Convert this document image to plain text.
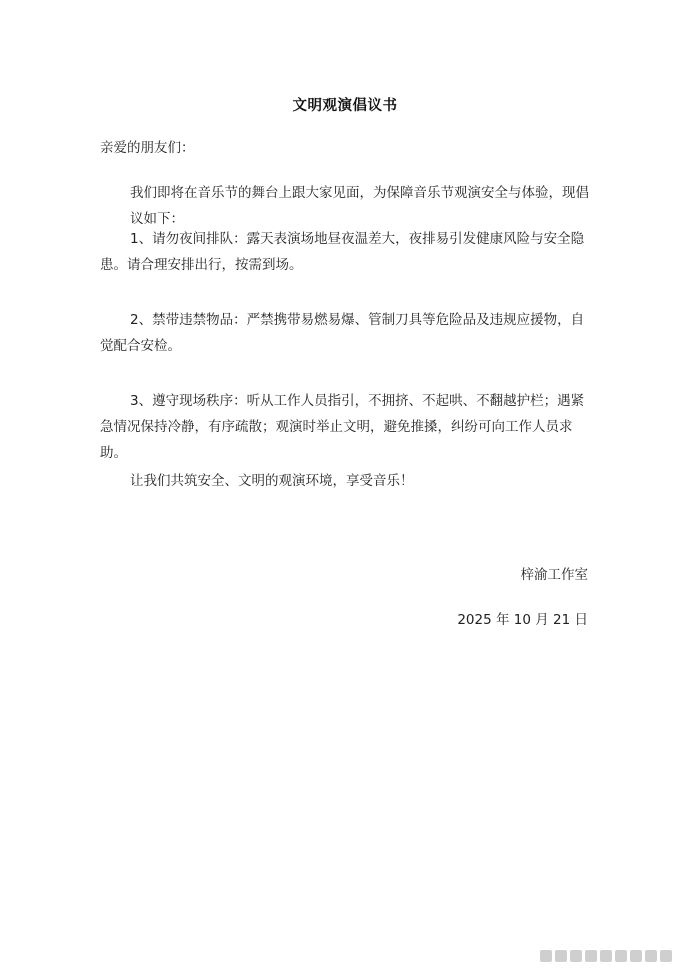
文明观演倡议书

亲爱的朋友们：

我们即将在音乐节的舞台上跟大家见面，为保障音乐节观演安全与体验，现倡议如下：

1、请勿夜间排队：露天表演场地昼夜温差大，夜排易引发健康风险与安全隐患。请合理安排出行，按需到场。

2、禁带违禁物品：严禁携带易燃易爆、管制刀具等危险品及违规应援物，自觉配合安检。

3、遵守现场秩序：听从工作人员指引，不拥挤、不起哄、不翻越护栏；遇紧急情况保持冷静，有序疏散；观演时举止文明，避免推搡，纠纷可向工作人员求助。

让我们共筑安全、文明的观演环境，享受音乐！

梓渝工作室
2025 年 10 月 21 日
